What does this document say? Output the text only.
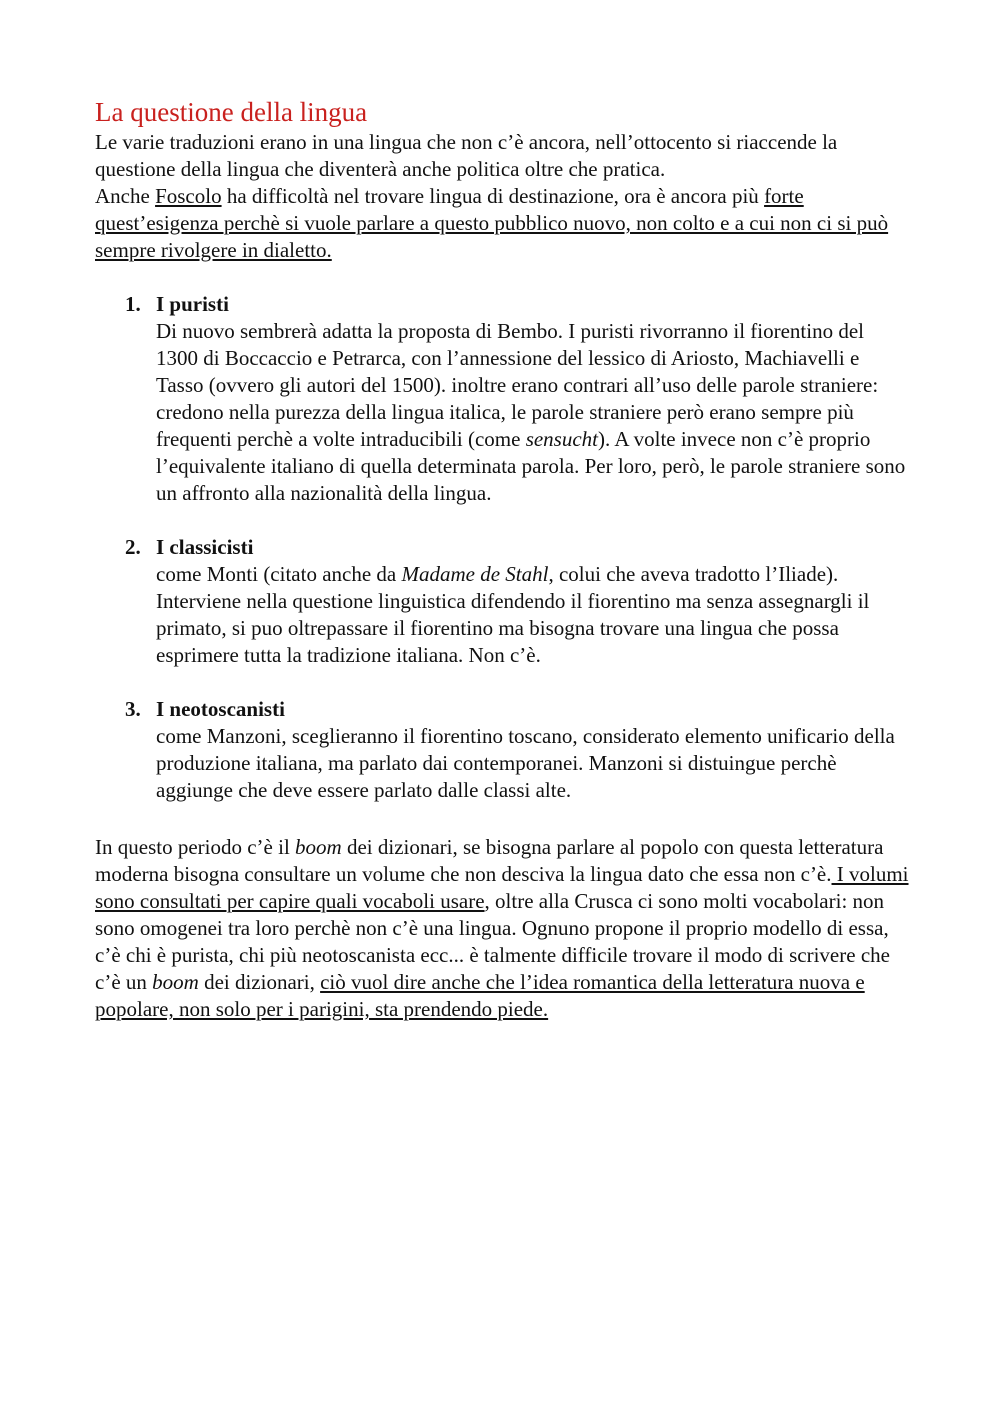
La questione della lingua

Le varie traduzioni erano in una lingua che non c’è ancora, nell’ottocento si riaccende la questione della lingua che diventerà anche politica oltre che pratica.

Anche Foscolo ha difficoltà nel trovare lingua di destinazione, ora è ancora più forte quest’esigenza perchè si vuole parlare a questo pubblico nuovo, non colto e a cui non ci si può sempre rivolgere in dialetto.

1. I puristi
Di nuovo sembrerà adatta la proposta di Bembo. I puristi rivorranno il fiorentino del 1300 di Boccaccio e Petrarca, con l’annessione del lessico di Ariosto, Machiavelli e Tasso (ovvero gli autori del 1500). inoltre erano contrari all’uso delle parole straniere: credono nella purezza della lingua italica, le parole straniere però erano sempre più frequenti perchè a volte intraducibili (come sensucht). A volte invece non c’è proprio l’equivalente italiano di quella determinata parola. Per loro, però, le parole straniere sono un affronto alla nazionalità della lingua.
2. I classicisti
come Monti (citato anche da Madame de Stahl, colui che aveva tradotto l’Iliade). Interviene nella questione linguistica difendendo il fiorentino ma senza assegnargli il primato, si puo oltrepassare il fiorentino ma bisogna trovare una lingua che possa esprimere tutta la tradizione italiana. Non c’è.
3. I neotoscanisti
come Manzoni, sceglieranno il fiorentino toscano, considerato elemento unificario della produzione italiana, ma parlato dai contemporanei. Manzoni si distuingue perchè aggiunge che deve essere parlato dalle classi alte.

In questo periodo c’è il boom dei dizionari, se bisogna parlare al popolo con questa letteratura moderna bisogna consultare un volume che non desciva la lingua dato che essa non c’è. I volumi sono consultati per capire quali vocaboli usare, oltre alla Crusca ci sono molti vocabolari: non sono omogenei tra loro perchè non c’è una lingua. Ognuno propone il proprio modello di essa, c’è chi è purista, chi più neotoscanista ecc... è talmente difficile trovare il modo di scrivere che c’è un boom dei dizionari, ciò vuol dire anche che l’idea romantica della letteratura nuova e popolare, non solo per i parigini, sta prendendo piede.
